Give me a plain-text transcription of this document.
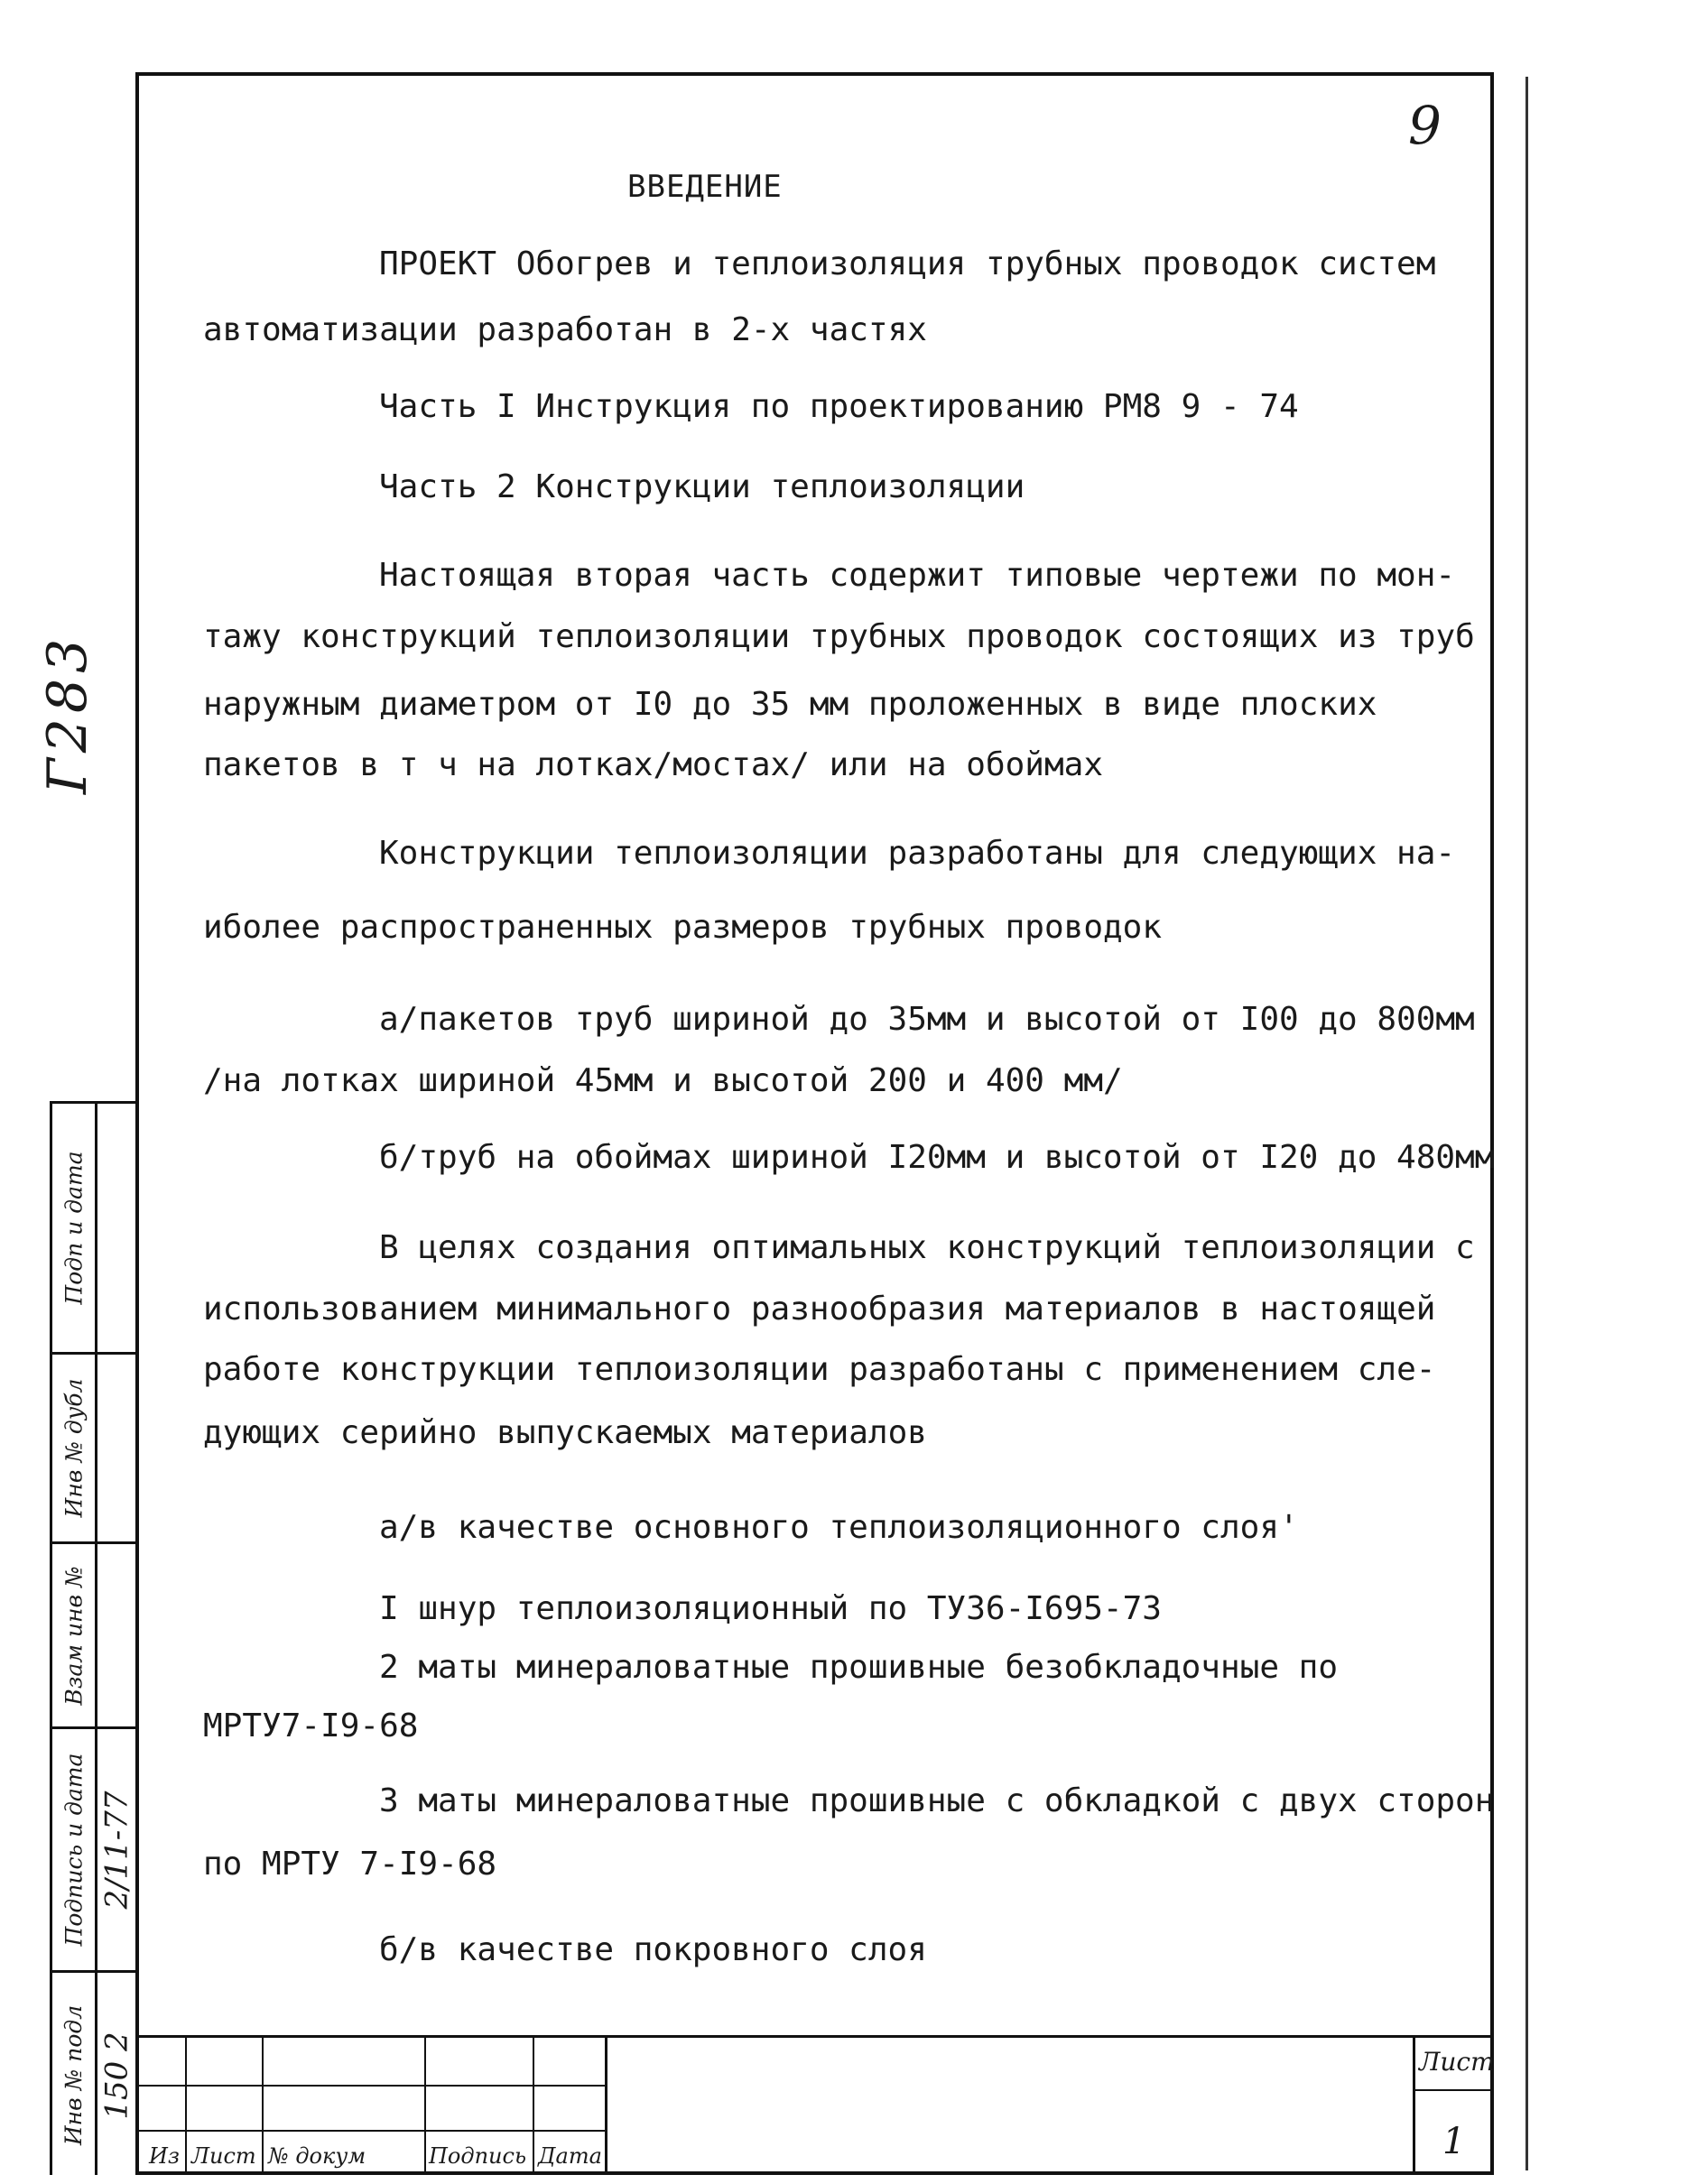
9
Г283
ВВЕДЕНИЕ
ПРОЕКТ Обогрев и теплоизоляция трубных проводок систем
автоматизации разработан в 2-х частях
Часть I Инструкция по проектированию РМ8 9 - 74
Часть 2 Конструкции теплоизоляции
Настоящая вторая часть содержит типовые чертежи по мон-
тажу конструкций теплоизоляции трубных проводок состоящих из труб
наружным диаметром от I0 до 35 мм проложенных в виде плоских
пакетов в т ч на лотках/мостах/ или на обоймах
Конструкции теплоизоляции разработаны для следующих на-
иболее распространенных размеров трубных проводок
а/пакетов труб шириной до 35мм и высотой от I00 до 800мм
/на лотках шириной 45мм и высотой 200 и 400 мм/
б/труб на обоймах шириной I20мм и высотой от I20 до 480мм
В целях создания оптимальных конструкций теплоизоляции с
использованием минимального разнообразия материалов в настоящей
работе конструкции теплоизоляции разработаны с применением сле-
дующих серийно выпускаемых материалов
а/в качестве основного теплоизоляционного слоя'
I шнур теплоизоляционный по ТУ36-I695-73
2 маты минераловатные прошивные безобкладочные по
МРТУ7-I9-68
3 маты минераловатные прошивные с обкладкой с двух сторон
по МРТУ 7-I9-68
б/в качестве покровного слоя
Подп и дата
Инв № дубл
Взам инв №
Подпись и дата
Инв № подл
2/11-77
150 2
Из Лист № докум	Подпись Дата
Лист
1
